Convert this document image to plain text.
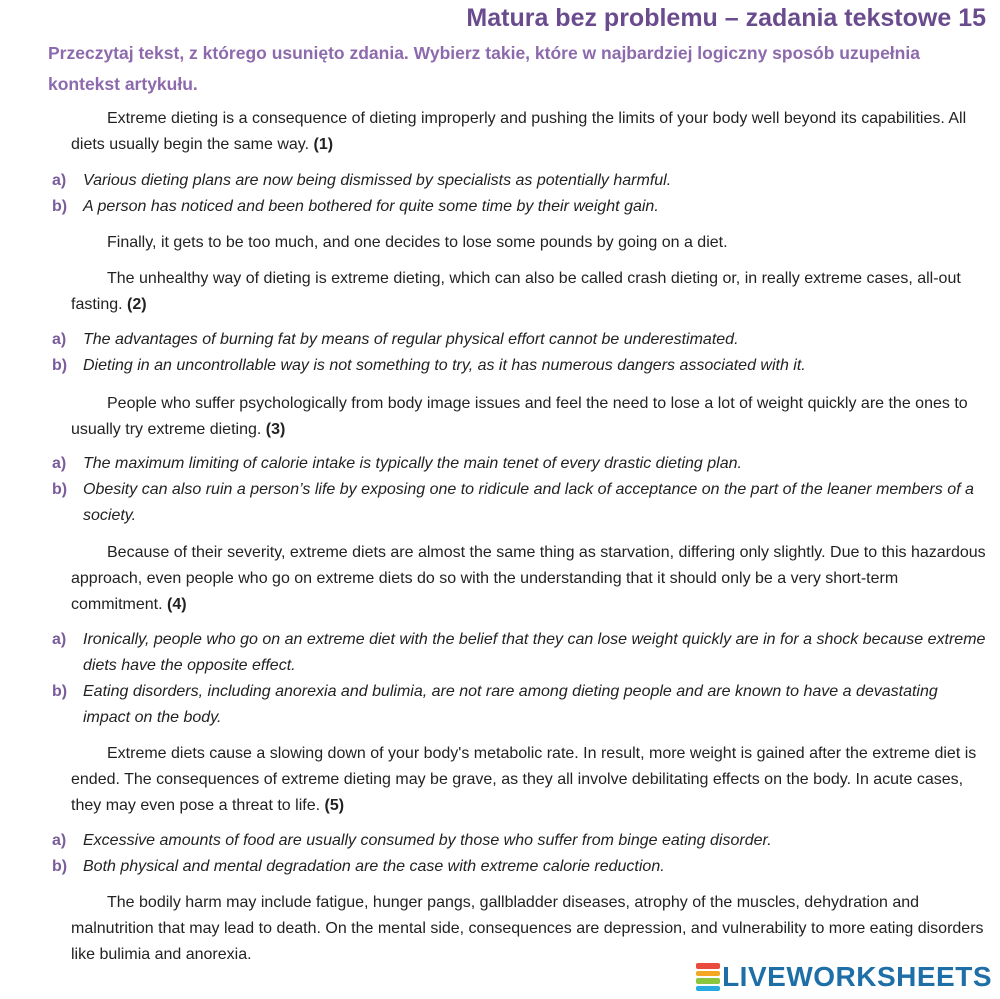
Matura bez problemu – zadania tekstowe 15
Przeczytaj tekst, z którego usunięto zdania. Wybierz takie, które w najbardziej logiczny sposób uzupełnia kontekst artykułu.
Extreme dieting is a consequence of dieting improperly and pushing the limits of your body well beyond its capabilities. All diets usually begin the same way. (1)
a) Various dieting plans are now being dismissed by specialists as potentially harmful.
b) A person has noticed and been bothered for quite some time by their weight gain.
Finally, it gets to be too much, and one decides to lose some pounds by going on a diet.
The unhealthy way of dieting is extreme dieting, which can also be called crash dieting or, in really extreme cases, all-out fasting. (2)
a) The advantages of burning fat by means of regular physical effort cannot be underestimated.
b) Dieting in an uncontrollable way is not something to try, as it has numerous dangers associated with it.
People who suffer psychologically from body image issues and feel the need to lose a lot of weight quickly are the ones to usually try extreme dieting. (3)
a) The maximum limiting of calorie intake is typically the main tenet of every drastic dieting plan.
b) Obesity can also ruin a person’s life by exposing one to ridicule and lack of acceptance on the part of the leaner members of a society.
Because of their severity, extreme diets are almost the same thing as starvation, differing only slightly. Due to this hazardous approach, even people who go on extreme diets do so with the understanding that it should only be a very short-term commitment. (4)
a) Ironically, people who go on an extreme diet with the belief that they can lose weight quickly are in for a shock because extreme diets have the opposite effect.
b) Eating disorders, including anorexia and bulimia, are not rare among dieting people and are known to have a devastating impact on the body.
Extreme diets cause a slowing down of your body's metabolic rate. In result, more weight is gained after the extreme diet is ended. The consequences of extreme dieting may be grave, as they all involve debilitating effects on the body. In acute cases, they may even pose a threat to life. (5)
a) Excessive amounts of food are usually consumed by those who suffer from binge eating disorder.
b) Both physical and mental degradation are the case with extreme calorie reduction.
The bodily harm may include fatigue, hunger pangs, gallbladder diseases, atrophy of the muscles, dehydration and malnutrition that may lead to death. On the mental side, consequences are depression, and vulnerability to more eating disorders like bulimia and anorexia.
LIVEWORKSHEETS
